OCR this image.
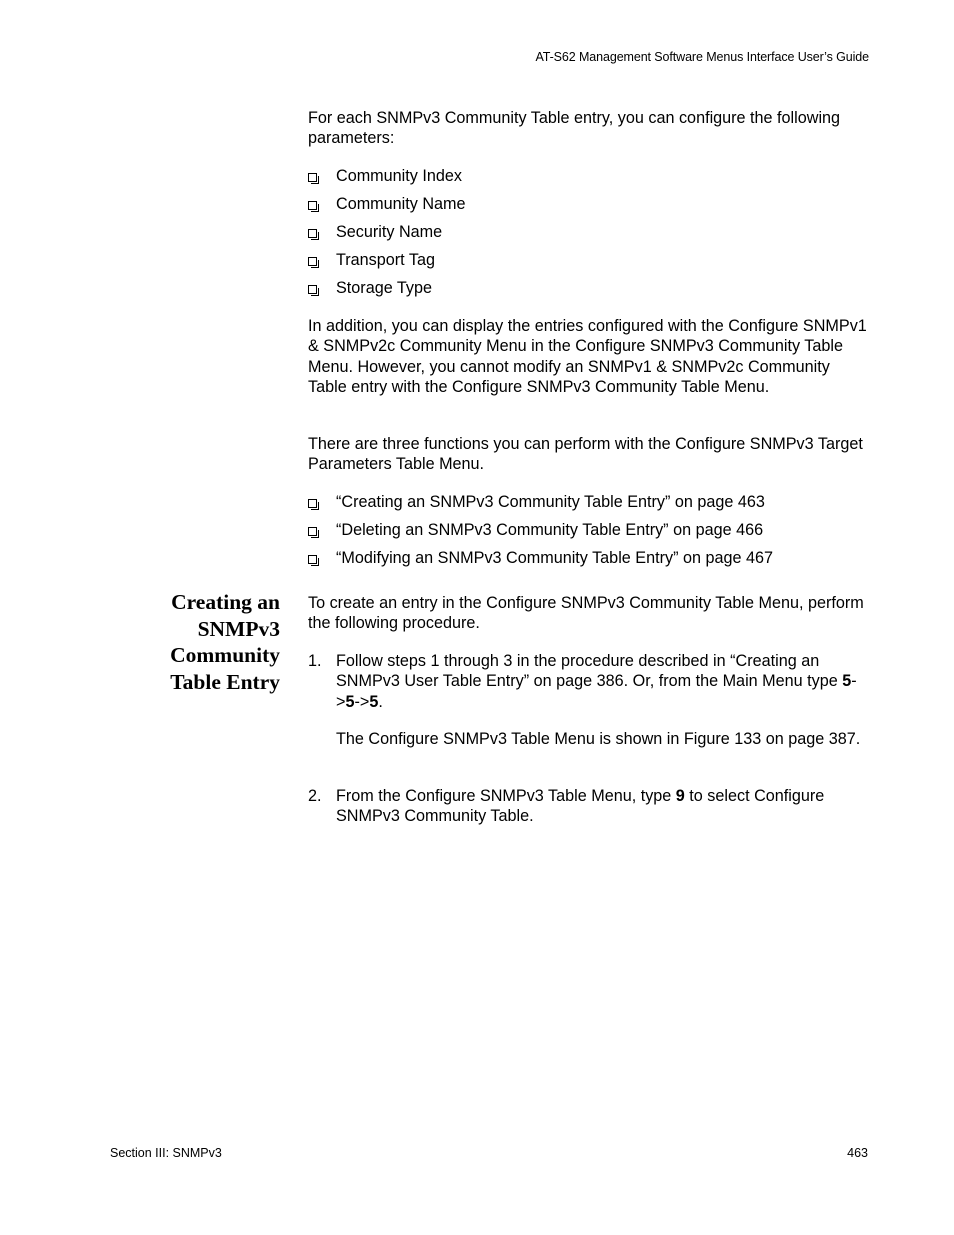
AT-S62 Management Software Menus Interface User’s Guide

For each SNMPv3 Community Table entry, you can configure the following parameters:

Community Index
Community Name
Security Name
Transport Tag
Storage Type

In addition, you can display the entries configured with the Configure SNMPv1 & SNMPv2c Community Menu in the Configure SNMPv3 Community Table Menu. However, you cannot modify an SNMPv1 & SNMPv2c Community Table entry with the Configure SNMPv3 Community Table Menu.

There are three functions you can perform with the Configure SNMPv3 Target Parameters Table Menu.

“Creating an SNMPv3 Community Table Entry” on page 463
“Deleting an SNMPv3 Community Table Entry” on page 466
“Modifying an SNMPv3 Community Table Entry” on page 467
Creating an
SNMPv3
Community
Table Entry

To create an entry in the Configure SNMPv3 Community Table Menu, perform the following procedure.

1. Follow steps 1 through 3 in the procedure described in “Creating an SNMPv3 User Table Entry” on page 386. Or, from the Main Menu type 5->5->5.

The Configure SNMPv3 Table Menu is shown in Figure 133 on page 387.

2. From the Configure SNMPv3 Table Menu, type 9 to select Configure SNMPv3 Community Table.
Section III: SNMPv3	463
